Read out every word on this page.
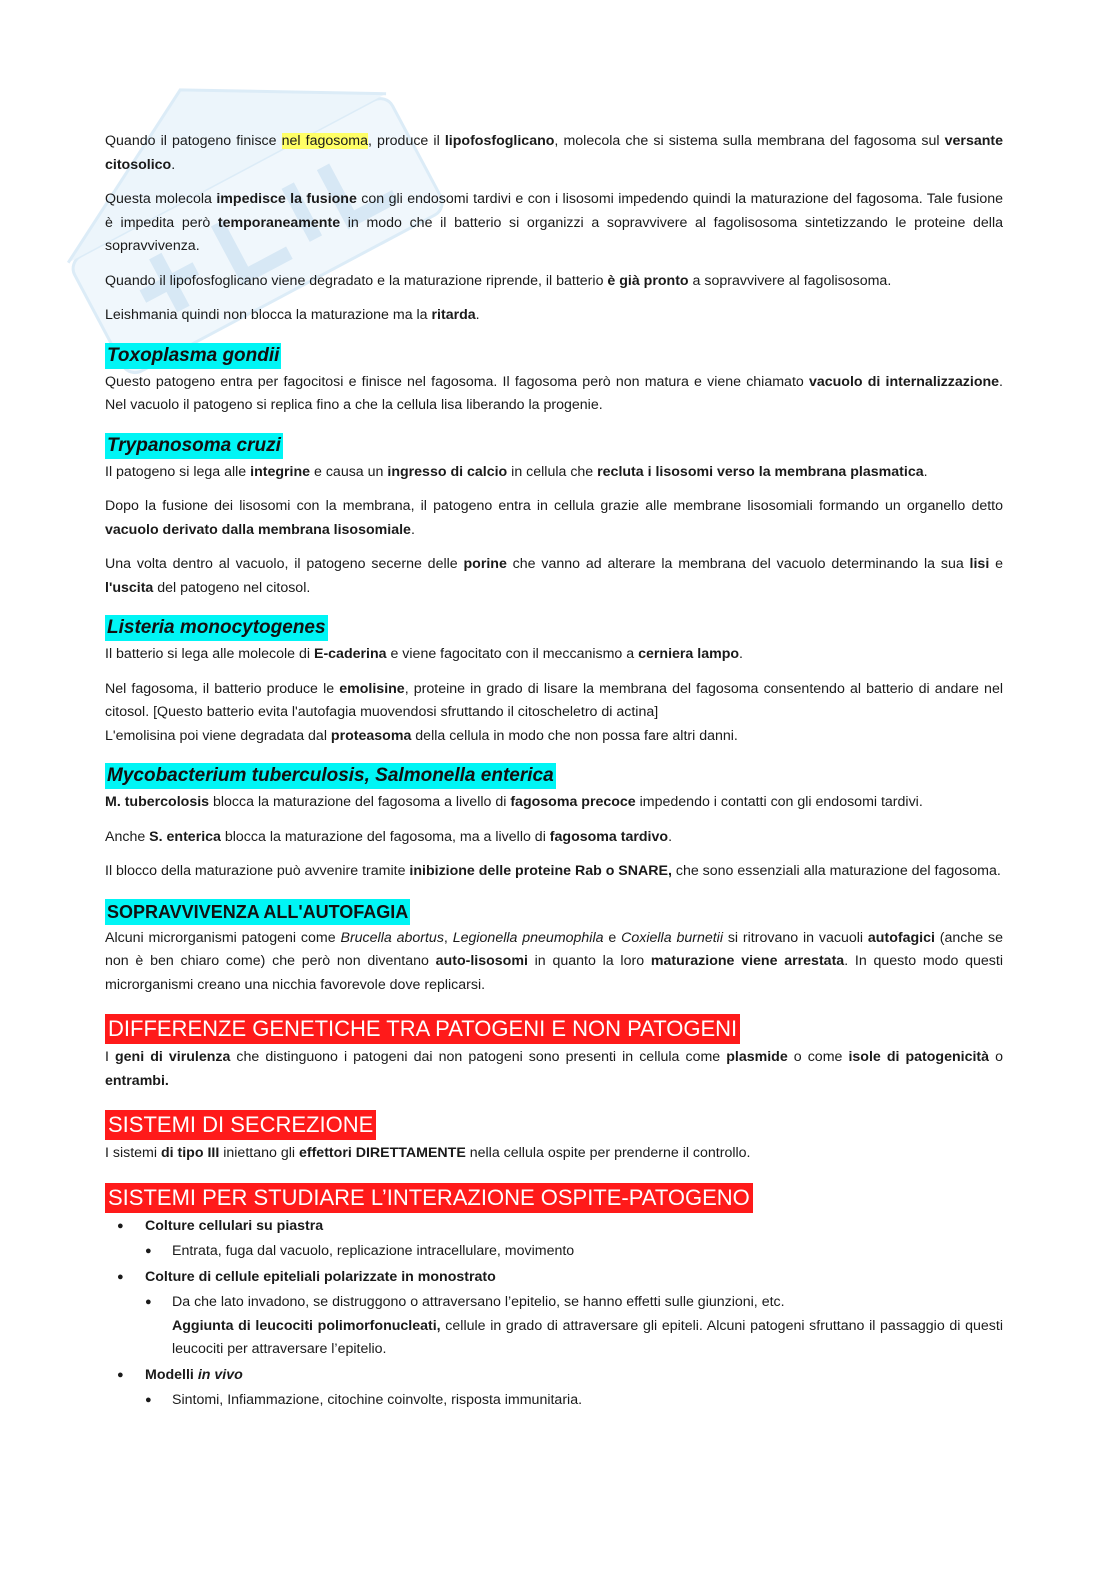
Quando il patogeno finisce nel fagosoma, produce il lipofosfoglicano, molecola che si sistema sulla membrana del fagosoma sul versante citosolico.

Questa molecola impedisce la fusione con gli endosomi tardivi e con i lisosomi impedendo quindi la maturazione del fagosoma. Tale fusione è impedita però temporaneamente in modo che il batterio si organizzi a sopravvivere al fagolisosoma sintetizzando le proteine della sopravvivenza.

Quando il lipofosfoglicano viene degradato e la maturazione riprende, il batterio è già pronto a sopravvivere al fagolisosoma.

Leishmania quindi non blocca la maturazione ma la ritarda.

Toxoplasma gondii

Questo patogeno entra per fagocitosi e finisce nel fagosoma. Il fagosoma però non matura e viene chiamato vacuolo di internalizzazione. Nel vacuolo il patogeno si replica fino a che la cellula lisa liberando la progenie.

Trypanosoma cruzi

Il patogeno si lega alle integrine e causa un ingresso di calcio in cellula che recluta i lisosomi verso la membrana plasmatica.

Dopo la fusione dei lisosomi con la membrana, il patogeno entra in cellula grazie alle membrane lisosomiali formando un organello detto vacuolo derivato dalla membrana lisosomiale.

Una volta dentro al vacuolo, il patogeno secerne delle porine che vanno ad alterare la membrana del vacuolo determinando la sua lisi e l'uscita del patogeno nel citosol.

Listeria monocytogenes

Il batterio si lega alle molecole di E-caderina e viene fagocitato con il meccanismo a cerniera lampo.

Nel fagosoma, il batterio produce le emolisine, proteine in grado di lisare la membrana del fagosoma consentendo al batterio di andare nel citosol. [Questo batterio evita l'autofagia muovendosi sfruttando il citoscheletro di actina]
L'emolisina poi viene degradata dal proteasoma della cellula in modo che non possa fare altri danni.

Mycobacterium tuberculosis, Salmonella enterica

M. tubercolosis blocca la maturazione del fagosoma a livello di fagosoma precoce impedendo i contatti con gli endosomi tardivi.

Anche S. enterica blocca la maturazione del fagosoma, ma a livello di fagosoma tardivo.

Il blocco della maturazione può avvenire tramite inibizione delle proteine Rab o SNARE, che sono essenziali alla maturazione del fagosoma.

SOPRAVVIVENZA ALL'AUTOFAGIA

Alcuni microrganismi patogeni come Brucella abortus, Legionella pneumophila e Coxiella burnetii si ritrovano in vacuoli autofagici (anche se non è ben chiaro come) che però non diventano auto-lisosomi in quanto la loro maturazione viene arrestata. In questo modo questi microrganismi creano una nicchia favorevole dove replicarsi.

DIFFERENZE GENETICHE TRA PATOGENI E NON PATOGENI

I geni di virulenza che distinguono i patogeni dai non patogeni sono presenti in cellula come plasmide o come isole di patogenicità o entrambi.

SISTEMI DI SECREZIONE

I sistemi di tipo III iniettano gli effettori DIRETTAMENTE nella cellula ospite per prenderne il controllo.

SISTEMI PER STUDIARE L’INTERAZIONE OSPITE-PATOGENO
● Colture cellulari su piastra
● Entrata, fuga dal vacuolo, replicazione intracellulare, movimento
● Colture di cellule epiteliali polarizzate in monostrato
● Da che lato invadono, se distruggono o attraversano l’epitelio, se hanno effetti sulle giunzioni, etc.
Aggiunta di leucociti polimorfonucleati, cellule in grado di attraversare gli epiteli. Alcuni patogeni sfruttano il passaggio di questi leucociti per attraversare l’epitelio.
● Modelli in vivo
● Sintomi, Infiammazione, citochine coinvolte, risposta immunitaria.
